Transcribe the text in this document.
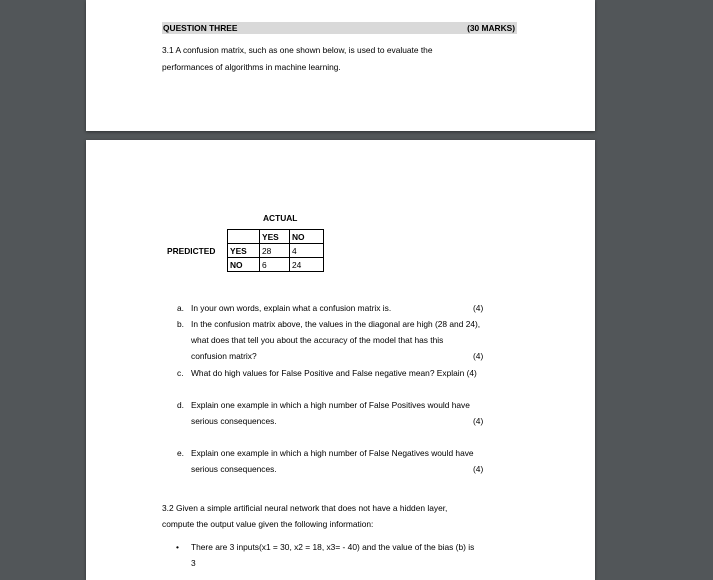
QUESTION THREE	(30 MARKS)
3.1 A confusion matrix, such as one shown below, is used to evaluate the
performances of algorithms in machine learning.
ACTUAL
PREDICTED
	YES	NO
YES	28	4
NO	6	24
a. In your own words, explain what a confusion matrix is.	(4)
b. In the confusion matrix above, the values in the diagonal are high (28 and 24),
what does that tell you about the accuracy of the model that has this
confusion matrix?	(4)
c. What do high values for False Positive and False negative mean? Explain (4)
d. Explain one example in which a high number of False Positives would have
serious consequences.	(4)
e. Explain one example in which a high number of False Negatives would have
serious consequences.	(4)
3.2 Given a simple artificial neural network that does not have a hidden layer,
compute the output value given the following information:
• There are 3 inputs(x1 = 30, x2 = 18, x3= - 40) and the value of the bias (b) is
3
